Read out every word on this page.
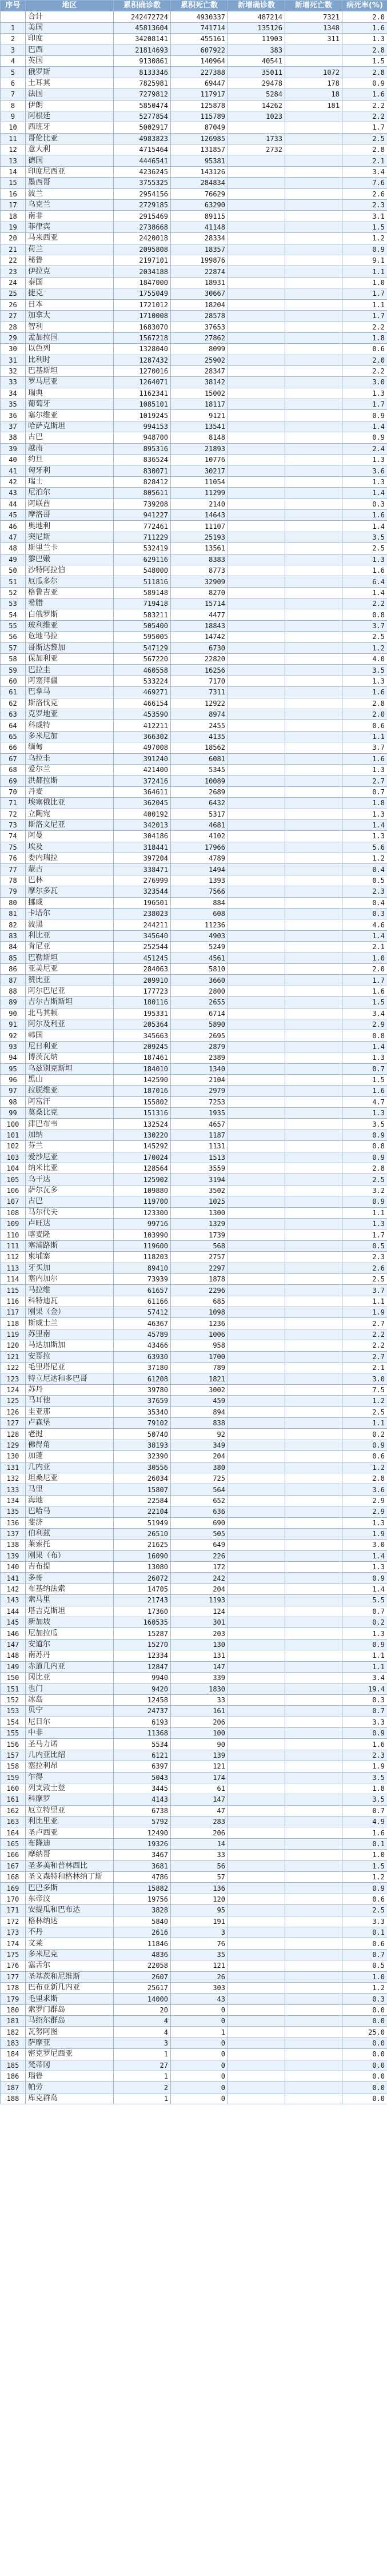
序号	地区	累积确诊数	累积死亡数	新增确诊数	新增死亡数	病死率(%)
	合计	242472724	4930337	487214	7321	2.0
1	美国	45813604	741714	135126	1348	1.6
2	印度	34208141	455161	11903	311	1.3
3	巴西	21814693	607922	383		2.8
4	英国	9130861	140964	40541		1.5
5	俄罗斯	8133346	227388	35011	1072	2.8
6	土耳其	7825981	69447	29478	178	0.9
7	法国	7279812	117917	5284	18	1.6
8	伊朗	5850474	125878	14262	181	2.2
9	阿根廷	5277854	115789	1023		2.2
10	西班牙	5002917	87049			1.7
11	哥伦比亚	4983823	126985	1733		2.5
12	意大利	4715464	131857	2732		2.8
13	德国	4446541	95381			2.1
14	印度尼西亚	4236245	143126			3.4
15	墨西哥	3755325	284834			7.6
16	波兰	2954156	76629			2.6
17	乌克兰	2729185	63290			2.3
18	南非	2915469	89115			3.1
19	菲律宾	2738668	41148			1.5
20	马来西亚	2420018	28334			1.2
21	荷兰	2095808	18357			0.9
22	秘鲁	2197101	199876			9.1
23	伊拉克	2034188	22874			1.1
24	泰国	1847000	18931			1.0
25	捷克	1755049	30667			1.7
26	日本	1721012	18204			1.1
27	加拿大	1710008	28578			1.7
28	智利	1683070	37653			2.2
29	孟加拉国	1567218	27862			1.8
30	以色列	1328040	8099			0.6
31	比利时	1287432	25902			2.0
32	巴基斯坦	1270016	28347			2.2
33	罗马尼亚	1264071	38142			3.0
34	瑞典	1162341	15002			1.3
35	葡萄牙	1085101	18117			1.7
36	塞尔维亚	1019245	9121			0.9
37	哈萨克斯坦	994153	13541			1.4
38	古巴	948700	8148			0.9
39	越南	895316	21893			2.4
40	约旦	836524	10776			1.3
41	匈牙利	830071	30217			3.6
42	瑞士	828412	11054			1.3
43	尼泊尔	805611	11299			1.4
44	阿联酋	739208	2140			0.3
45	摩洛哥	941227	14643			1.6
46	奥地利	772461	11107			1.4
47	突尼斯	711229	25193			3.5
48	斯里兰卡	532419	13561			2.5
49	黎巴嫩	629116	8383			1.3
50	沙特阿拉伯	548000	8773			1.6
51	厄瓜多尔	511816	32909			6.4
52	格鲁吉亚	589148	8270			1.4
53	希腊	719418	15714			2.2
54	白俄罗斯	583211	4477			0.8
55	玻利维亚	505400	18843			3.7
56	危地马拉	595005	14742			2.5
57	哥斯达黎加	547129	6730			1.2
58	保加利亚	567220	22820			4.0
59	巴拉圭	460558	16256			3.5
60	阿塞拜疆	533224	7170			1.3
61	巴拿马	469271	7311			1.6
62	斯洛伐克	466154	12922			2.8
63	克罗地亚	453590	8974			2.0
64	科威特	412211	2455			0.6
65	多米尼加	366302	4135			1.1
66	缅甸	497008	18562			3.7
67	乌拉圭	391240	6081			1.6
68	爱尔兰	421400	5345			1.3
69	洪都拉斯	372416	10089			2.7
70	丹麦	364611	2689			0.7
71	埃塞俄比亚	362045	6432			1.8
72	立陶宛	400192	5317			1.3
73	斯洛文尼亚	342013	4681			1.4
74	阿曼	304186	4102			1.3
75	埃及	318441	17966			5.6
76	委内瑞拉	397204	4789			1.2
77	蒙古	338471	1494			0.4
78	巴林	276999	1393			0.5
79	摩尔多瓦	323544	7566			2.3
80	挪威	196501	884			0.4
81	卡塔尔	238023	608			0.3
82	波黑	244211	11236			4.6
83	利比亚	345640	4903			1.4
84	肯尼亚	252544	5249			2.1
85	巴勒斯坦	451245	4561			1.0
86	亚美尼亚	284063	5810			2.0
87	赞比亚	209910	3660			1.7
88	阿尔巴尼亚	177723	2800			1.6
89	吉尔吉斯斯坦	180116	2655			1.5
90	北马其顿	195331	6714			3.4
91	阿尔及利亚	205364	5890			2.9
92	韩国	345663	2695			0.8
93	尼日利亚	209245	2879			1.4
94	博茨瓦纳	187461	2389			1.3
95	乌兹别克斯坦	184010	1340			0.7
96	黑山	142590	2104			1.5
97	拉脱维亚	187016	2979			1.6
98	阿富汗	155802	7253			4.7
99	莫桑比克	151316	1935			1.3
100	津巴布韦	132524	4657			3.5
101	加纳	130220	1187			0.9
102	芬兰	145292	1131			0.8
103	爱沙尼亚	170024	1513			0.9
104	纳米比亚	128564	3559			2.8
105	乌干达	125902	3194			2.5
106	萨尔瓦多	109880	3502			3.2
107	古巴	119700	1025			0.9
108	马尔代夫	123300	1300			1.1
109	卢旺达	99716	1329			1.3
110	喀麦隆	103990	1739			1.7
111	塞浦路斯	119600	568			0.5
112	柬埔寨	118203	2757			2.3
113	牙买加	89410	2297			2.6
114	塞内加尔	73939	1878			2.5
115	马拉维	61657	2296			3.7
116	科特迪瓦	61166	685			1.1
117	刚果（金）	57412	1098			1.9
118	斯威士兰	46367	1236			2.7
119	苏里南	45789	1006			2.2
120	马达加斯加	43466	958			2.2
121	安哥拉	63930	1700			2.7
122	毛里塔尼亚	37180	789			2.1
123	特立尼达和多巴哥	61208	1821			3.0
124	苏丹	39780	3002			7.5
125	马耳他	37659	459			1.2
126	圭亚那	35340	894			2.5
127	卢森堡	79102	838			1.1
128	老挝	50740	92			0.2
129	佛得角	38193	349			0.9
130	加蓬	32390	204			0.6
131	几内亚	30556	380			1.2
132	坦桑尼亚	26034	725			2.8
133	马里	15807	564			3.6
134	海地	22584	652			2.9
135	巴哈马	22104	636			2.9
136	斐济	51949	690			1.3
137	伯利兹	26510	505			1.9
138	莱索托	21625	649			3.0
139	刚果（布）	16090	226			1.4
140	吉布提	13080	172			1.3
141	多哥	26072	242			0.9
142	布基纳法索	14705	204			1.4
143	索马里	21743	1193			5.5
144	塔吉克斯坦	17360	124			0.7
145	新加坡	160535	301			0.2
146	尼加拉瓜	15287	203			1.3
147	安道尔	15270	130			0.9
148	南苏丹	12334	131			1.1
149	赤道几内亚	12847	147			1.1
150	冈比亚	9940	339			3.4
151	也门	9420	1830			19.4
152	冰岛	12458	33			0.3
153	贝宁	24737	161			0.7
154	尼日尔	6193	206			3.3
155	中非	11368	100			0.9
156	圣马力诺	5534	90			1.6
157	几内亚比绍	6121	139			2.3
158	塞拉利昂	6397	121			1.9
159	乍得	5043	174			3.5
160	列支敦士登	3445	61			1.8
161	科摩罗	4143	147			3.5
162	厄立特里亚	6738	47			0.7
163	利比里亚	5792	283			4.9
164	圣卢西亚	12490	206			1.6
165	布隆迪	19326	14			0.1
166	摩纳哥	3467	33			1.0
167	圣多美和普林西比	3681	56			1.5
168	圣文森特和格林纳丁斯	4786	57			1.2
169	巴巴多斯	15882	136			0.9
170	东帝汶	19756	120			0.6
171	安提瓜和巴布达	3828	95			2.5
172	格林纳达	5840	191			3.3
173	不丹	2616	3			0.1
174	文莱	11846	76			0.6
175	多米尼克	4836	35			0.7
176	塞舌尔	22058	121			0.5
177	圣基茨和尼维斯	2607	26			1.0
178	巴布亚新几内亚	25617	303			1.2
179	毛里求斯	14000	43			0.3
180	索罗门群岛	20	0			0.0
181	马绍尔群岛	4	0			0.0
182	瓦努阿图	4	1			25.0
183	萨摩亚	3	0			0.0
184	密克罗尼西亚	1	0			0.0
185	梵蒂冈	27	0			0.0
186	瑙鲁	1	0			0.0
187	帕劳	2	0			0.0
188	库克群岛	1	0			0.0
